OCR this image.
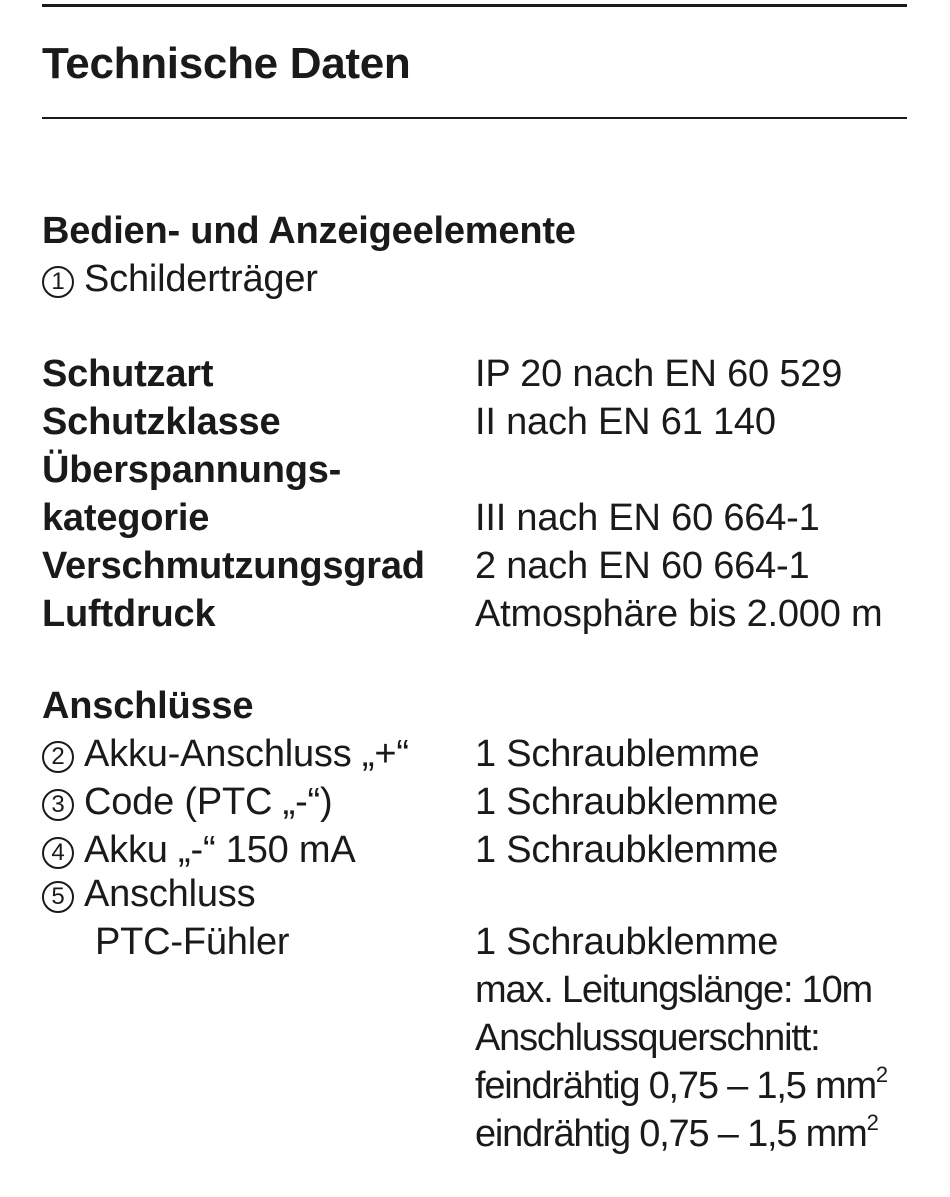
Technische Daten
Bedien- und Anzeigeelemente
1 Schilderträger
Schutzart	IP 20 nach EN 60 529
Schutzklasse	II nach EN 61 140
Überspannungs-
kategorie	III nach EN 60 664-1
Verschmutzungsgrad 2 nach EN 60 664-1
Luftdruck	Atmosphäre bis 2.000 m
Anschlüsse
2 Akku-Anschluss „+“ 1 Schraublemme
3 Code (PTC „-“)	1 Schraubklemme
4 Akku „-“ 150 mA	1 Schraubklemme
5 Anschluss
PTC-Fühler	1 Schraubklemme
max. Leitungslänge: 10m
Anschlussquerschnitt:
feindrähtig 0,75 – 1,5 $mm^2$
eindrähtig 0,75 – 1,5 $mm^2$
